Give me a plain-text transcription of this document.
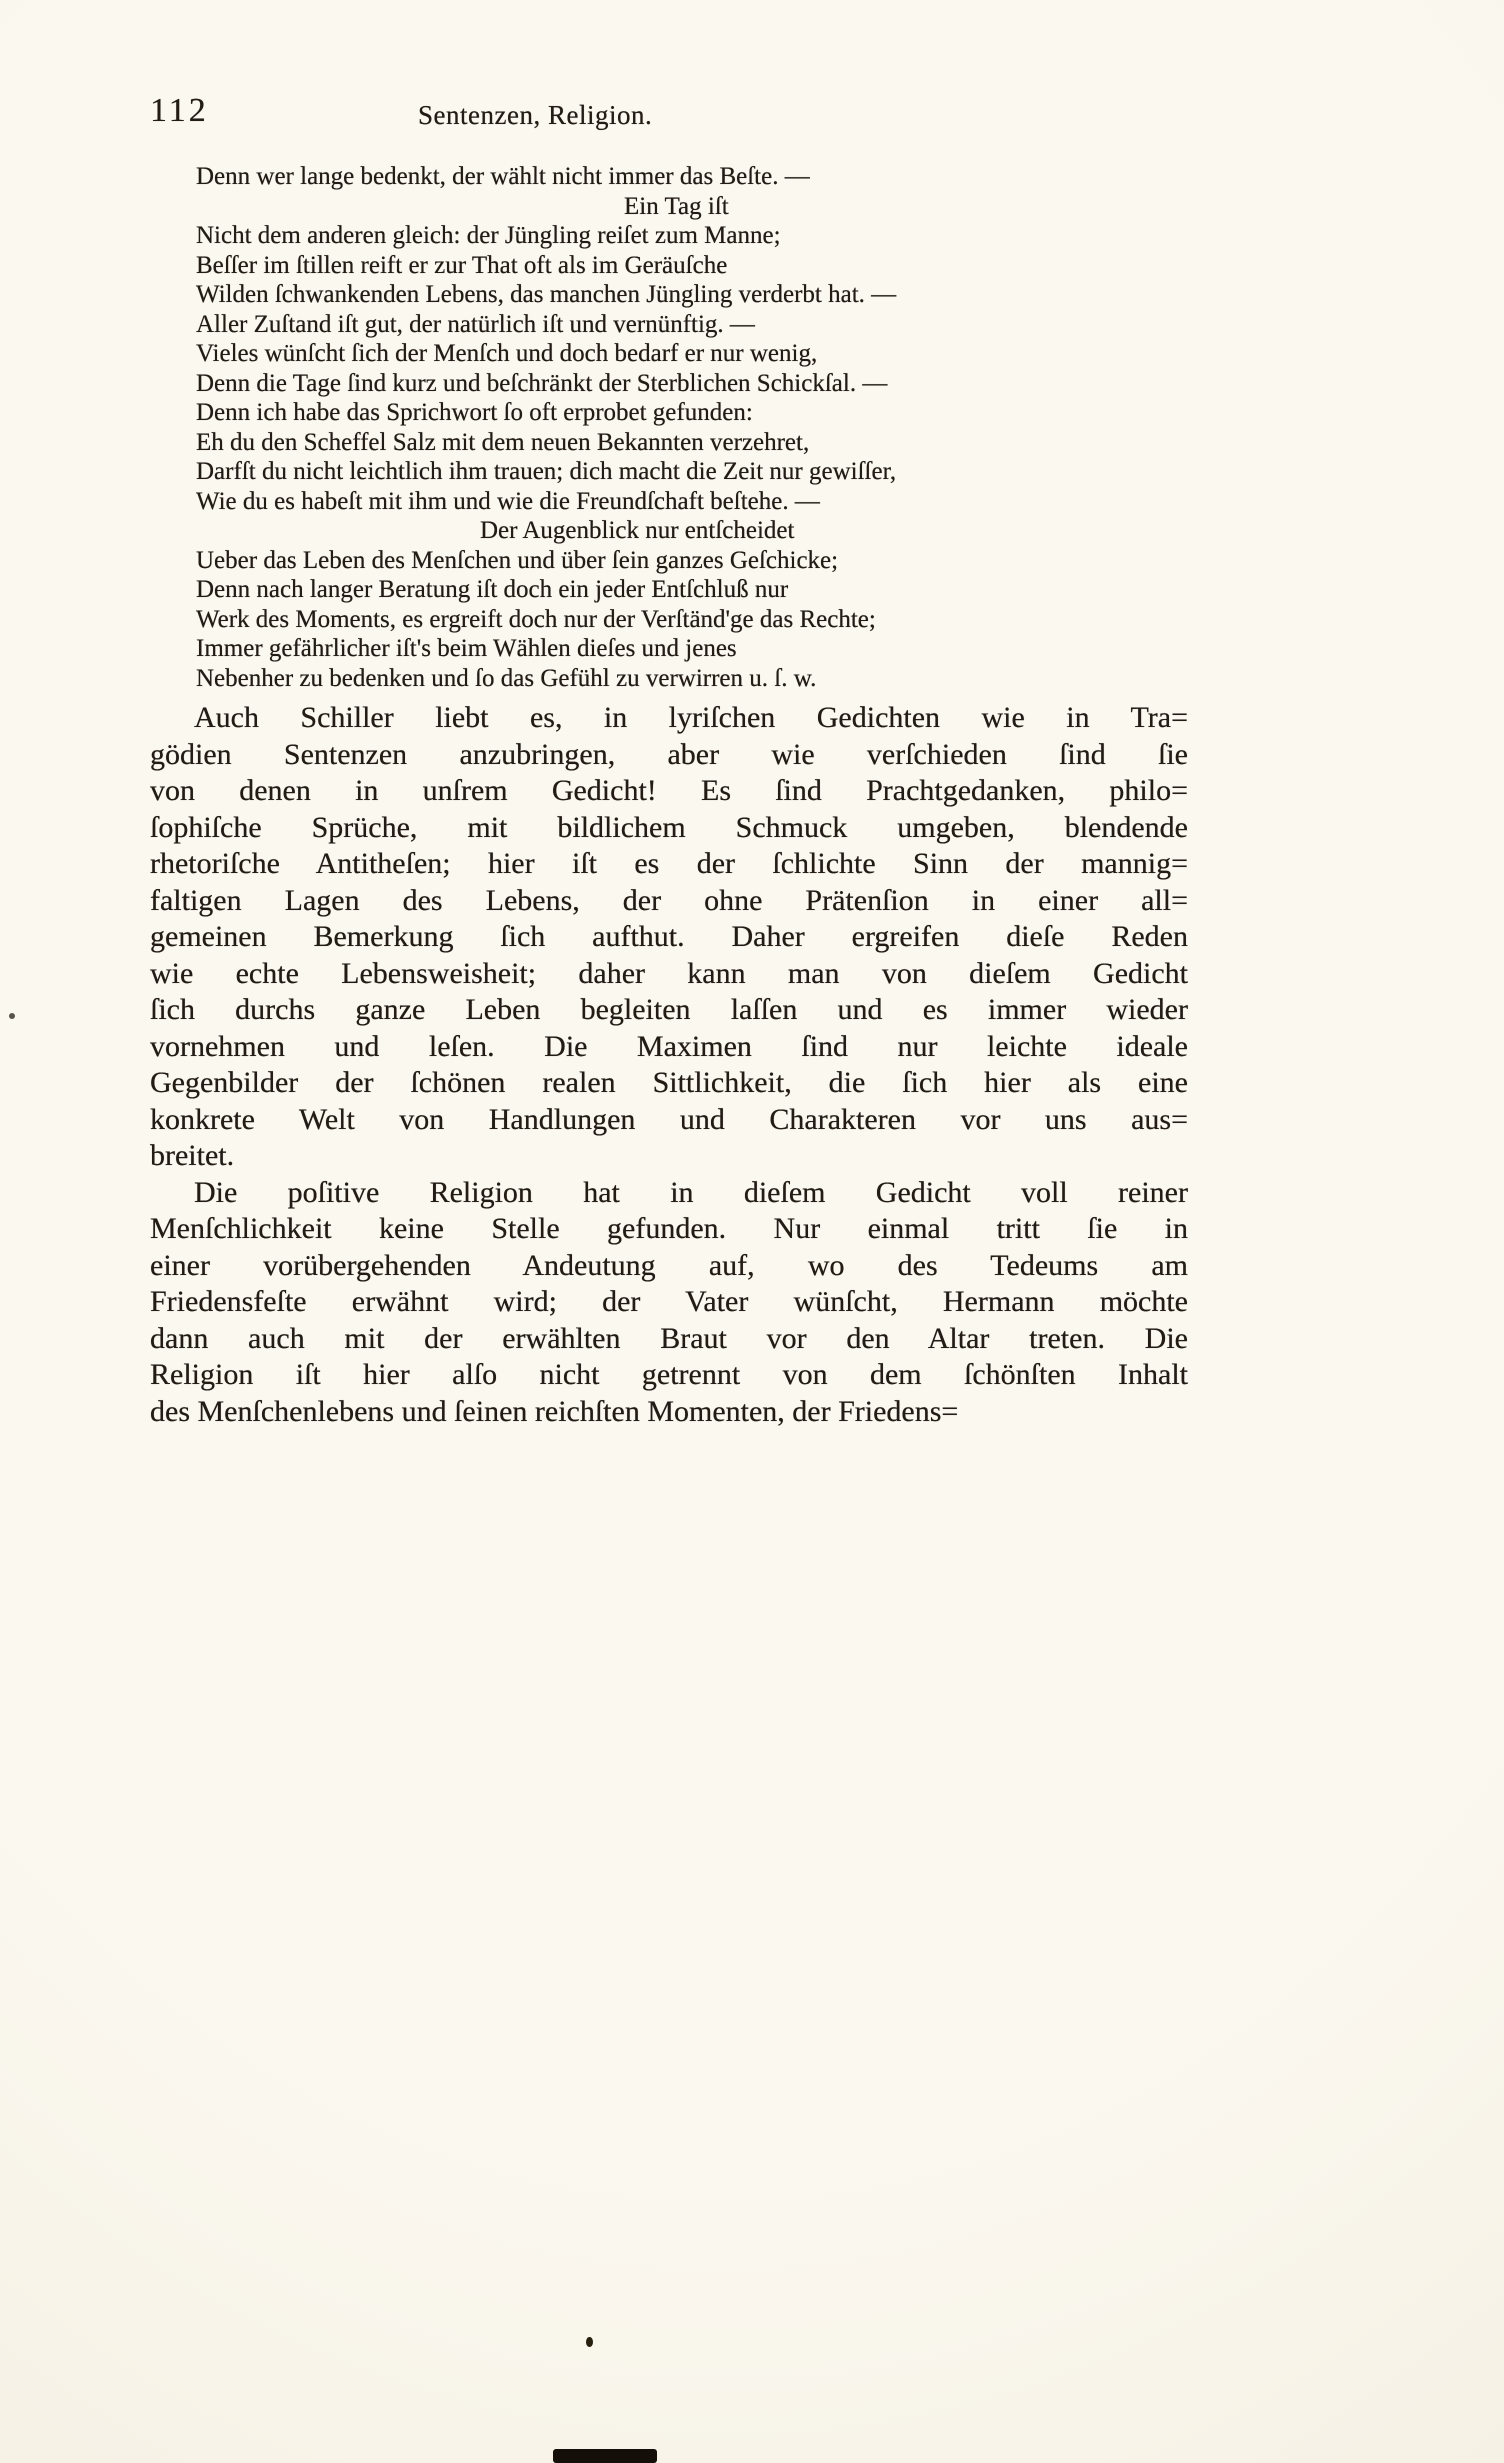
112	Sentenzen, Religion.
Denn wer lange bedenkt, der wählt nicht immer das Beſte. —
Ein Tag iſt
Nicht dem anderen gleich: der Jüngling reiſet zum Manne;
Beſſer im ſtillen reift er zur That oft als im Geräuſche
Wilden ſchwankenden Lebens, das manchen Jüngling verderbt hat. —
Aller Zuſtand iſt gut, der natürlich iſt und vernünftig. —
Vieles wünſcht ſich der Menſch und doch bedarf er nur wenig,
Denn die Tage ſind kurz und beſchränkt der Sterblichen Schickſal. —
Denn ich habe das Sprichwort ſo oft erprobet gefunden:
Eh du den Scheffel Salz mit dem neuen Bekannten verzehret,
Darfſt du nicht leichtlich ihm trauen; dich macht die Zeit nur gewiſſer,
Wie du es habeſt mit ihm und wie die Freundſchaft beſtehe. —
Der Augenblick nur entſcheidet
Ueber das Leben des Menſchen und über ſein ganzes Geſchicke;
Denn nach langer Beratung iſt doch ein jeder Entſchluß nur
Werk des Moments, es ergreift doch nur der Verſtänd'ge das Rechte;
Immer gefährlicher iſt's beim Wählen dieſes und jenes
Nebenher zu bedenken und ſo das Gefühl zu verwirren u. ſ. w.
Auch Schiller liebt es, in lyriſchen Gedichten wie in Tra=
gödien Sentenzen anzubringen, aber wie verſchieden ſind ſie
von denen in unſrem Gedicht! Es ſind Prachtgedanken, philo=
ſophiſche Sprüche, mit bildlichem Schmuck umgeben, blendende
rhetoriſche Antitheſen; hier iſt es der ſchlichte Sinn der mannig=
faltigen Lagen des Lebens, der ohne Prätenſion in einer all=
gemeinen Bemerkung ſich aufthut. Daher ergreifen dieſe Reden
wie echte Lebensweisheit; daher kann man von dieſem Gedicht
ſich durchs ganze Leben begleiten laſſen und es immer wieder
vornehmen und leſen. Die Maximen ſind nur leichte ideale
Gegenbilder der ſchönen realen Sittlichkeit, die ſich hier als eine
konkrete Welt von Handlungen und Charakteren vor uns aus=
breitet.
Die poſitive Religion hat in dieſem Gedicht voll reiner
Menſchlichkeit keine Stelle gefunden. Nur einmal tritt ſie in
einer vorübergehenden Andeutung auf, wo des Tedeums am
Friedensfeſte erwähnt wird; der Vater wünſcht, Hermann möchte
dann auch mit der erwählten Braut vor den Altar treten. Die
Religion iſt hier alſo nicht getrennt von dem ſchönſten Inhalt
des Menſchenlebens und ſeinen reichſten Momenten, der Friedens=
